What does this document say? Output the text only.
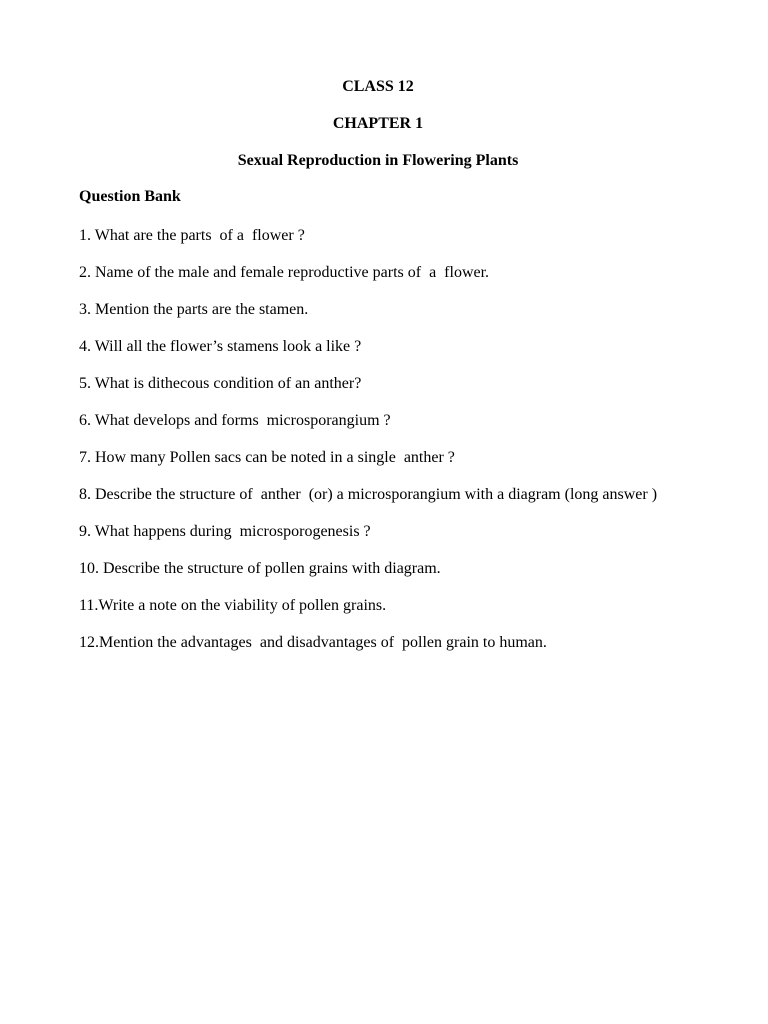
CLASS 12
CHAPTER 1
Sexual Reproduction in Flowering Plants
Question Bank
1. What are the parts  of a  flower ?
2. Name of the male and female reproductive parts of  a  flower.
3. Mention the parts are the stamen.
4. Will all the flower’s stamens look a like ?
5. What is dithecous condition of an anther?
6. What develops and forms  microsporangium ?
7. How many Pollen sacs can be noted in a single  anther ?
8. Describe the structure of  anther  (or) a microsporangium with a diagram (long answer )
9. What happens during  microsporogenesis ?
10. Describe the structure of pollen grains with diagram.
11.Write a note on the viability of pollen grains.
12.Mention the advantages  and disadvantages of  pollen grain to human.
